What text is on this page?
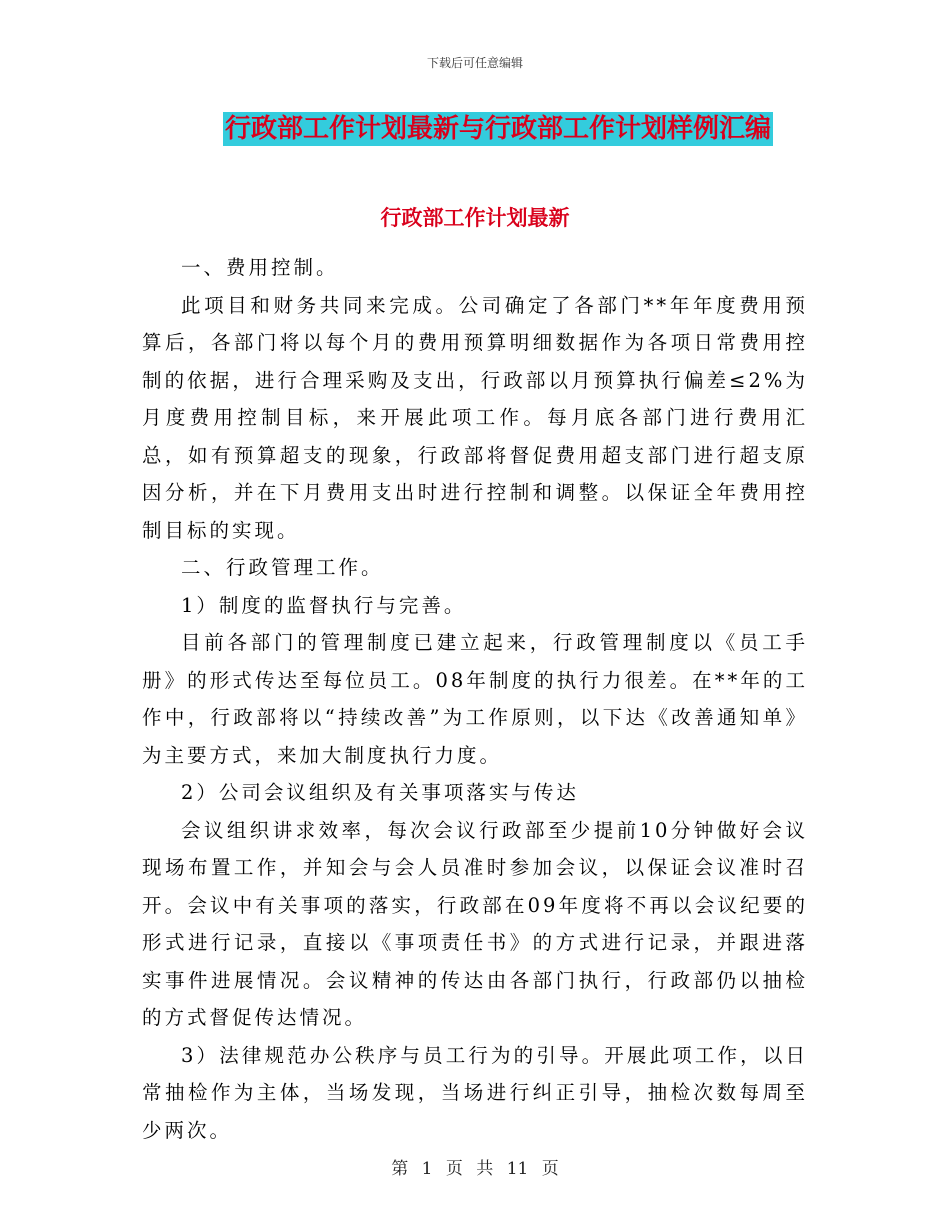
下载后可任意编辑
行政部工作计划最新与行政部工作计划样例汇编
行政部工作计划最新

一、费用控制。

此项目和财务共同来完成。公司确定了各部门**年年度费用预算后，各部门将以每个月的费用预算明细数据作为各项日常费用控制的依据，进行合理采购及支出，行政部以月预算执行偏差≤2%为月度费用控制目标，来开展此项工作。每月底各部门进行费用汇总，如有预算超支的现象，行政部将督促费用超支部门进行超支原因分析，并在下月费用支出时进行控制和调整。以保证全年费用控制目标的实现。

二、行政管理工作。

1）制度的监督执行与完善。

目前各部门的管理制度已建立起来，行政管理制度以《员工手册》的形式传达至每位员工。08年制度的执行力很差。在**年的工作中，行政部将以“持续改善”为工作原则，以下达《改善通知单》为主要方式，来加大制度执行力度。

2）公司会议组织及有关事项落实与传达

会议组织讲求效率，每次会议行政部至少提前10分钟做好会议现场布置工作，并知会与会人员准时参加会议，以保证会议准时召开。会议中有关事项的落实，行政部在09年度将不再以会议纪要的形式进行记录，直接以《事项责任书》的方式进行记录，并跟进落实事件进展情况。会议精神的传达由各部门执行，行政部仍以抽检的方式督促传达情况。

3）法律规范办公秩序与员工行为的引导。开展此项工作，以日常抽检作为主体，当场发现，当场进行纠正引导，抽检次数每周至少两次。

第 1 页 共 11 页
